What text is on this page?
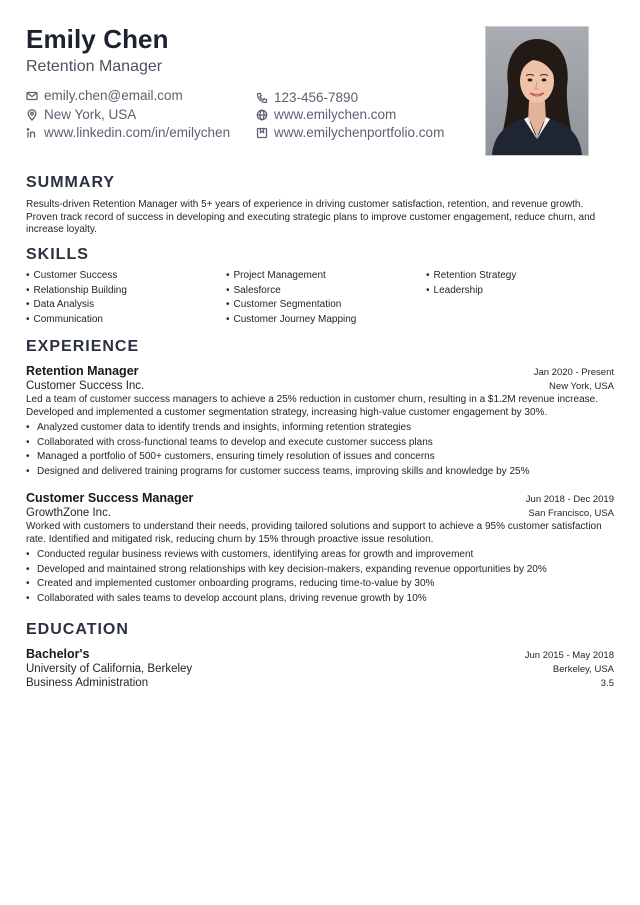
Emily Chen
Retention Manager
emily.chen@email.com	123-456-7890
New York, USA	www.emilychen.com
www.linkedin.com/in/emilychen	www.emilychenportfolio.com
SUMMARY
Results-driven Retention Manager with 5+ years of experience in driving customer satisfaction, retention, and revenue growth. Proven track record of success in developing and executing strategic plans to improve customer engagement, reduce churn, and increase loyalty.
SKILLS
• Customer Success	• Project Management	• Retention Strategy
• Relationship Building	• Salesforce	• Leadership
• Data Analysis	• Customer Segmentation
• Communication	• Customer Journey Mapping
EXPERIENCE
Retention Manager	Jan 2020 - Present
Customer Success Inc.	New York, USA
Led a team of customer success managers to achieve a 25% reduction in customer churn, resulting in a $1.2M revenue increase. Developed and implemented a customer segmentation strategy, increasing high-value customer engagement by 30%.
• Analyzed customer data to identify trends and insights, informing retention strategies
• Collaborated with cross-functional teams to develop and execute customer success plans
• Managed a portfolio of 500+ customers, ensuring timely resolution of issues and concerns
• Designed and delivered training programs for customer success teams, improving skills and knowledge by 25%
Customer Success Manager	Jun 2018 - Dec 2019
GrowthZone Inc.	San Francisco, USA
Worked with customers to understand their needs, providing tailored solutions and support to achieve a 95% customer satisfaction rate. Identified and mitigated risk, reducing churn by 15% through proactive issue resolution.
• Conducted regular business reviews with customers, identifying areas for growth and improvement
• Developed and maintained strong relationships with key decision-makers, expanding revenue opportunities by 20%
• Created and implemented customer onboarding programs, reducing time-to-value by 30%
• Collaborated with sales teams to develop account plans, driving revenue growth by 10%
EDUCATION
Bachelor's	Jun 2015 - May 2018
University of California, Berkeley	Berkeley, USA
Business Administration	3.5
